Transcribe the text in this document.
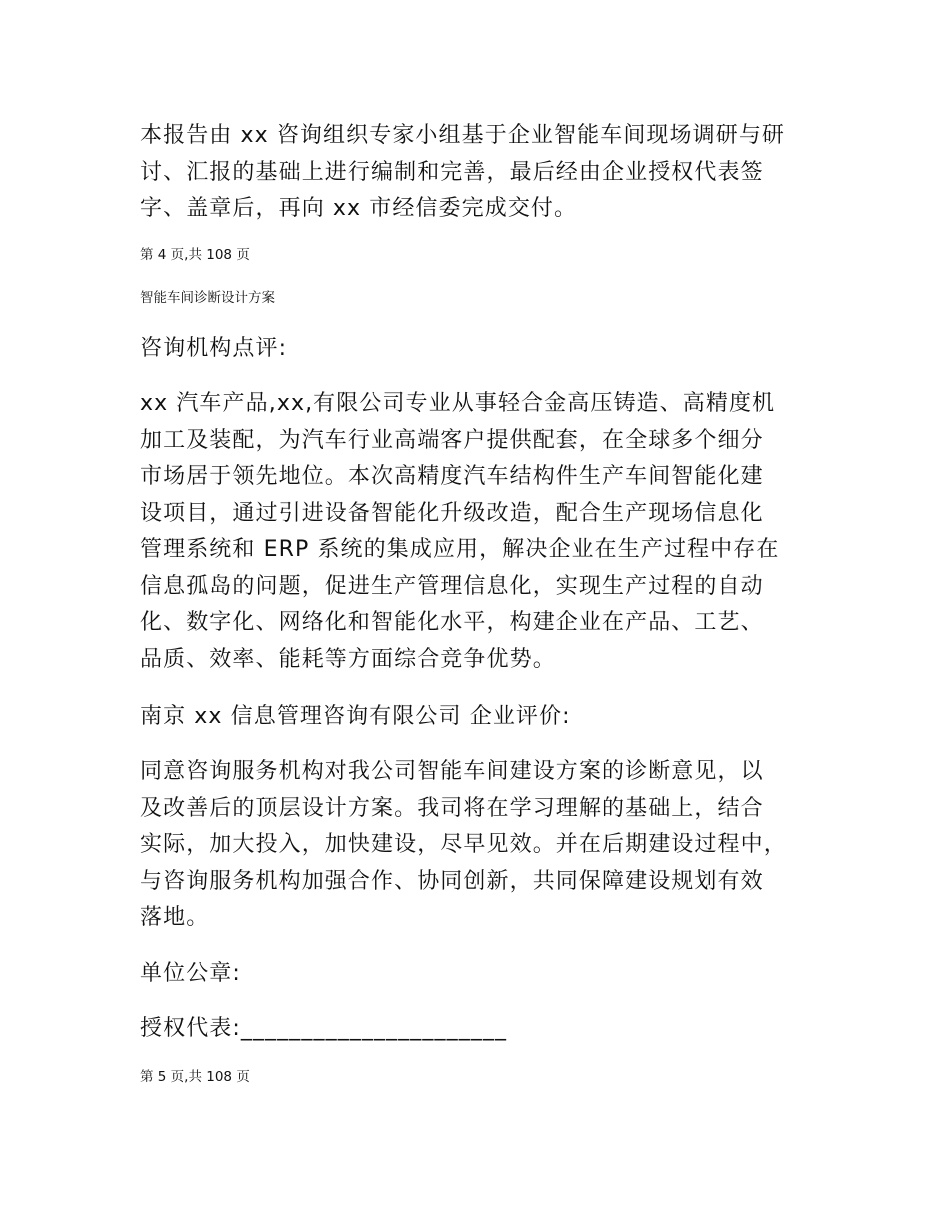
本报告由 xx 咨询组织专家小组基于企业智能车间现场调研与研
讨、汇报的基础上进行编制和完善，最后经由企业授权代表签
字、盖章后，再向 xx 市经信委完成交付。

第 4 页,共 108 页

智能车间诊断设计方案

咨询机构点评:

xx 汽车产品,xx,有限公司专业从事轻合金高压铸造、高精度机
加工及装配，为汽车行业高端客户提供配套，在全球多个细分
市场居于领先地位。本次高精度汽车结构件生产车间智能化建
设项目，通过引进设备智能化升级改造，配合生产现场信息化
管理系统和 ERP 系统的集成应用，解决企业在生产过程中存在
信息孤岛的问题，促进生产管理信息化，实现生产过程的自动
化、数字化、网络化和智能化水平，构建企业在产品、工艺、
品质、效率、能耗等方面综合竞争优势。

南京 xx 信息管理咨询有限公司 企业评价:

同意咨询服务机构对我公司智能车间建设方案的诊断意见，以
及改善后的顶层设计方案。我司将在学习理解的基础上，结合
实际，加大投入，加快建设，尽早见效。并在后期建设过程中，
与咨询服务机构加强合作、协同创新，共同保障建设规划有效
落地。

单位公章:

授权代表:______________________

第 5 页,共 108 页
